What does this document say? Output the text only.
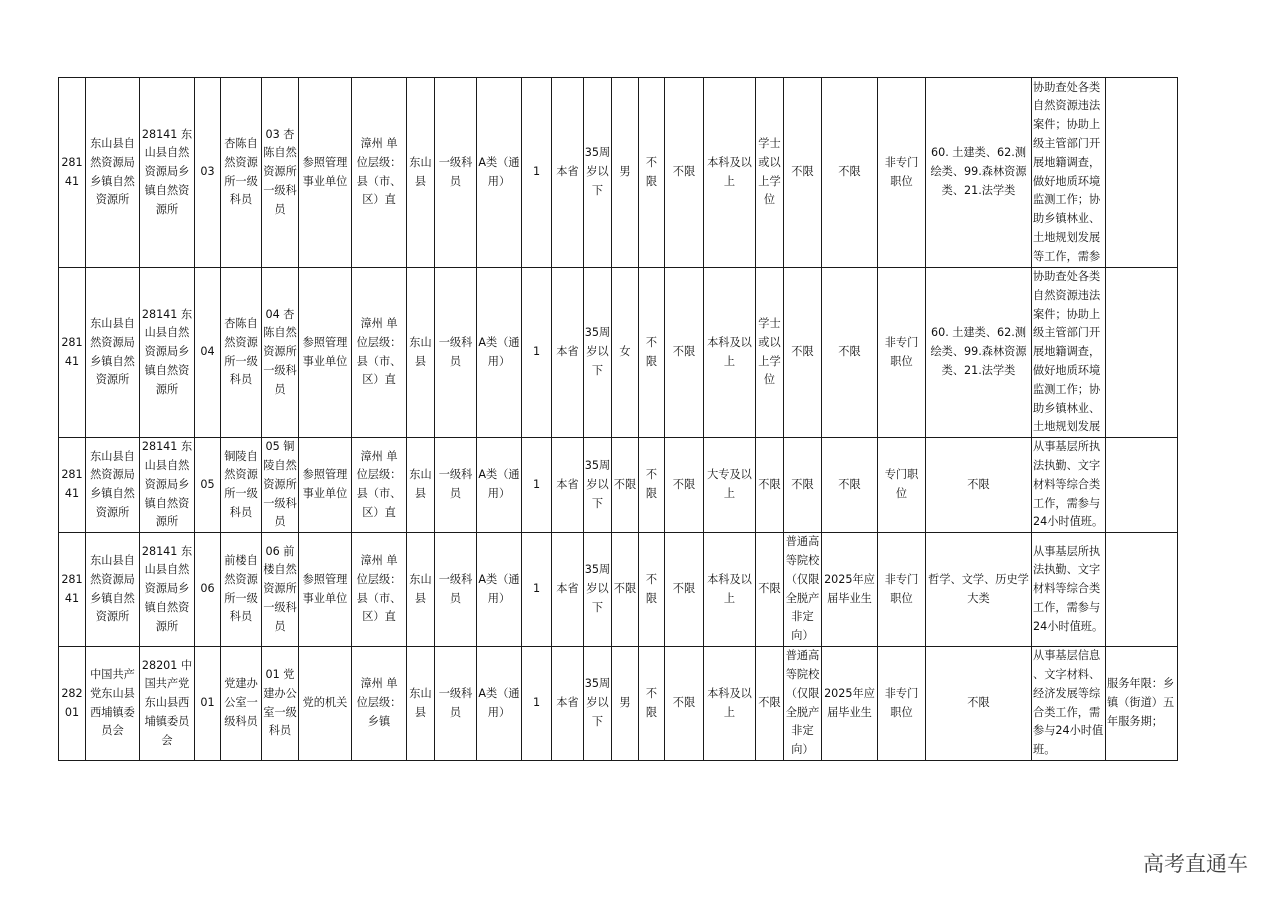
28141	东山县自然资源局乡镇自然资源所	28141 东山县自然资源局乡镇自然资源所	03	杏陈自然资源所一级科员	03 杏陈自然资源所一级科员	参照管理事业单位	漳州 单位层级：县（市、区）直	东山县	一级科员	A类（通用）	1	本省	35周岁以下	男	不限	不限	本科及以上	学士或以上学位	不限	不限	非专门职位	60. 土建类、62.测绘类、99.森林资源类、21.法学类	协助查处各类自然资源违法案件；协助上级主管部门开展地籍调查，做好地质环境监测工作；协助乡镇林业、土地规划发展等工作，需参	
28141	东山县自然资源局乡镇自然资源所	28141 东山县自然资源局乡镇自然资源所	04	杏陈自然资源所一级科员	04 杏陈自然资源所一级科员	参照管理事业单位	漳州 单位层级：县（市、区）直	东山县	一级科员	A类（通用）	1	本省	35周岁以下	女	不限	不限	本科及以上	学士或以上学位	不限	不限	非专门职位	60. 土建类、62.测绘类、99.森林资源类、21.法学类	协助查处各类自然资源违法案件；协助上级主管部门开展地籍调查，做好地质环境监测工作；协助乡镇林业、土地规划发展	
28141	东山县自然资源局乡镇自然资源所	28141 东山县自然资源局乡镇自然资源所	05	铜陵自然资源所一级科员	05 铜陵自然资源所一级科员	参照管理事业单位	漳州 单位层级：县（市、区）直	东山县	一级科员	A类（通用）	1	本省	35周岁以下	不限	不限	不限	大专及以上	不限	不限	不限	专门职位	不限	从事基层所执法执勤、文字材料等综合类工作，需参与24小时值班。	
28141	东山县自然资源局乡镇自然资源所	28141 东山县自然资源局乡镇自然资源所	06	前楼自然资源所一级科员	06 前楼自然资源所一级科员	参照管理事业单位	漳州 单位层级：县（市、区）直	东山县	一级科员	A类（通用）	1	本省	35周岁以下	不限	不限	不限	本科及以上	不限	普通高等院校（仅限全脱产非定向）	2025年应届毕业生	非专门职位	哲学、文学、历史学大类	从事基层所执法执勤、文字材料等综合类工作，需参与24小时值班。	
28201	中国共产党东山县西埔镇委员会	28201 中国共产党东山县西埔镇委员会	01	党建办公室一级科员	01 党建办公室一级科员	党的机关	漳州 单位层级：乡镇	东山县	一级科员	A类（通用）	1	本省	35周岁以下	男	不限	不限	本科及以上	不限	普通高等院校（仅限全脱产非定向）	2025年应届毕业生	非专门职位	不限	从事基层信息、文字材料、经济发展等综合类工作，需参与24小时值班。	服务年限：乡镇（街道）五年服务期；
高考直通车
